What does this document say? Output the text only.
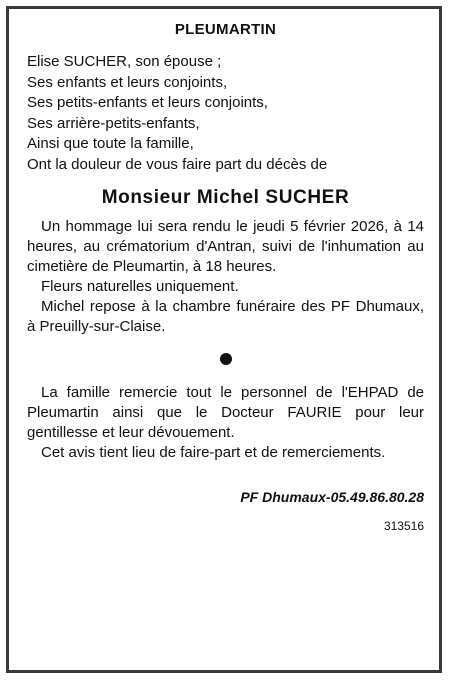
PLEUMARTIN
Elise SUCHER, son épouse ;
Ses enfants et leurs conjoints,
Ses petits-enfants et leurs conjoints,
Ses arrière-petits-enfants,
Ainsi que toute la famille,
Ont la douleur de vous faire part du décès de
Monsieur Michel SUCHER

Un hommage lui sera rendu le jeudi 5 février 2026, à 14 heures, au crématorium d'Antran, suivi de l'inhumation au cimetière de Pleumartin, à 18 heures.

Fleurs naturelles uniquement.

Michel repose à la chambre funéraire des PF Dhumaux, à Preuilly-sur-Claise.

La famille remercie tout le personnel de l'EHPAD de Pleumartin ainsi que le Docteur FAURIE pour leur gentillesse et leur dévouement.

Cet avis tient lieu de faire-part et de remerciements.

PF Dhumaux-05.49.86.80.28
313516
